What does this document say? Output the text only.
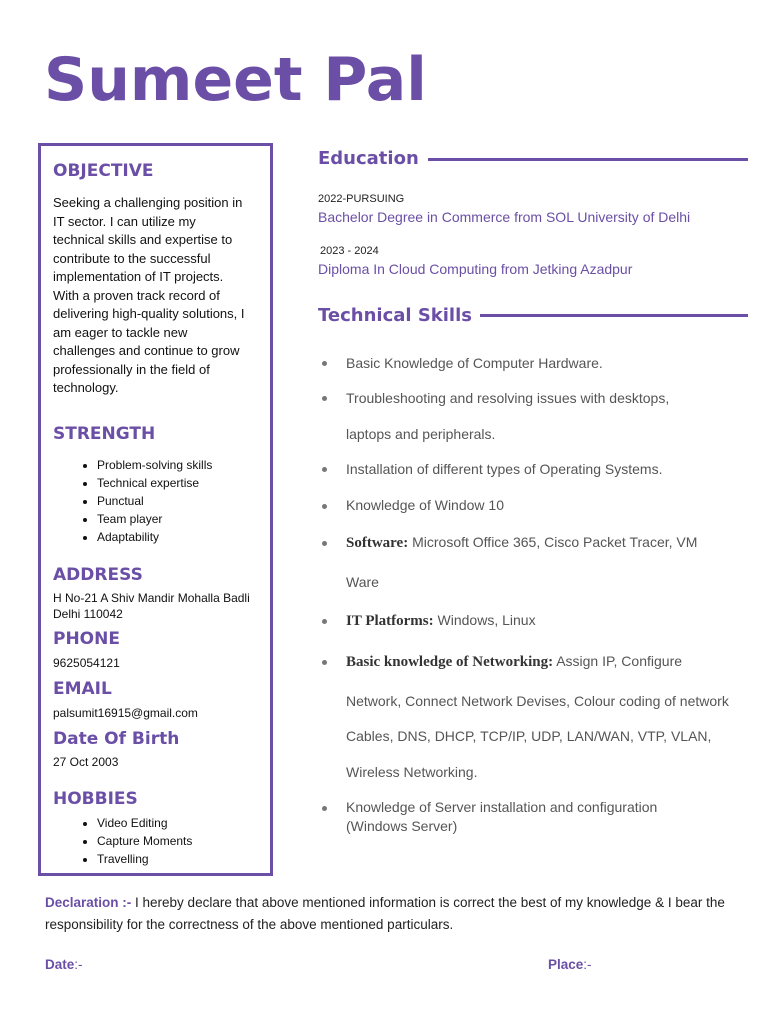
Sumeet Pal
OBJECTIVE
Seeking a challenging position in
IT sector. I can utilize my
technical skills and expertise to
contribute to the successful
implementation of IT projects.
With a proven track record of
delivering high-quality solutions, I
am eager to tackle new
challenges and continue to grow
professionally in the field of
technology.
STRENGTH
• Problem-solving skills
• Technical expertise
• Punctual
• Team player
• Adaptability
ADDRESS
H No-21 A Shiv Mandir Mohalla Badli
Delhi 110042
PHONE
9625054121
EMAIL
palsumit16915@gmail.com
Date Of Birth
27 Oct 2003
HOBBIES
• Video Editing
• Capture Moments
• Travelling
Education
2022-PURSUING
Bachelor Degree in Commerce from SOL University of Delhi
2023 - 2024
Diploma In Cloud Computing from Jetking Azadpur
Technical Skills
Basic Knowledge of Computer Hardware.
Troubleshooting and resolving issues with desktops,
laptops and peripherals.
Installation of different types of Operating Systems.
Knowledge of Window 10
Software: Microsoft Office 365, Cisco Packet Tracer, VM
Ware
IT Platforms: Windows, Linux
Basic knowledge of Networking: Assign IP, Configure
Network, Connect Network Devises, Colour coding of network
Cables, DNS, DHCP, TCP/IP, UDP, LAN/WAN, VTP, VLAN,
Wireless Networking.
Knowledge of Server installation and configuration
(Windows Server)
Declaration :- I hereby declare that above mentioned information is correct the best of my knowledge & I bear the responsibility for the correctness of the above mentioned particulars.
Date:-	Place:-
